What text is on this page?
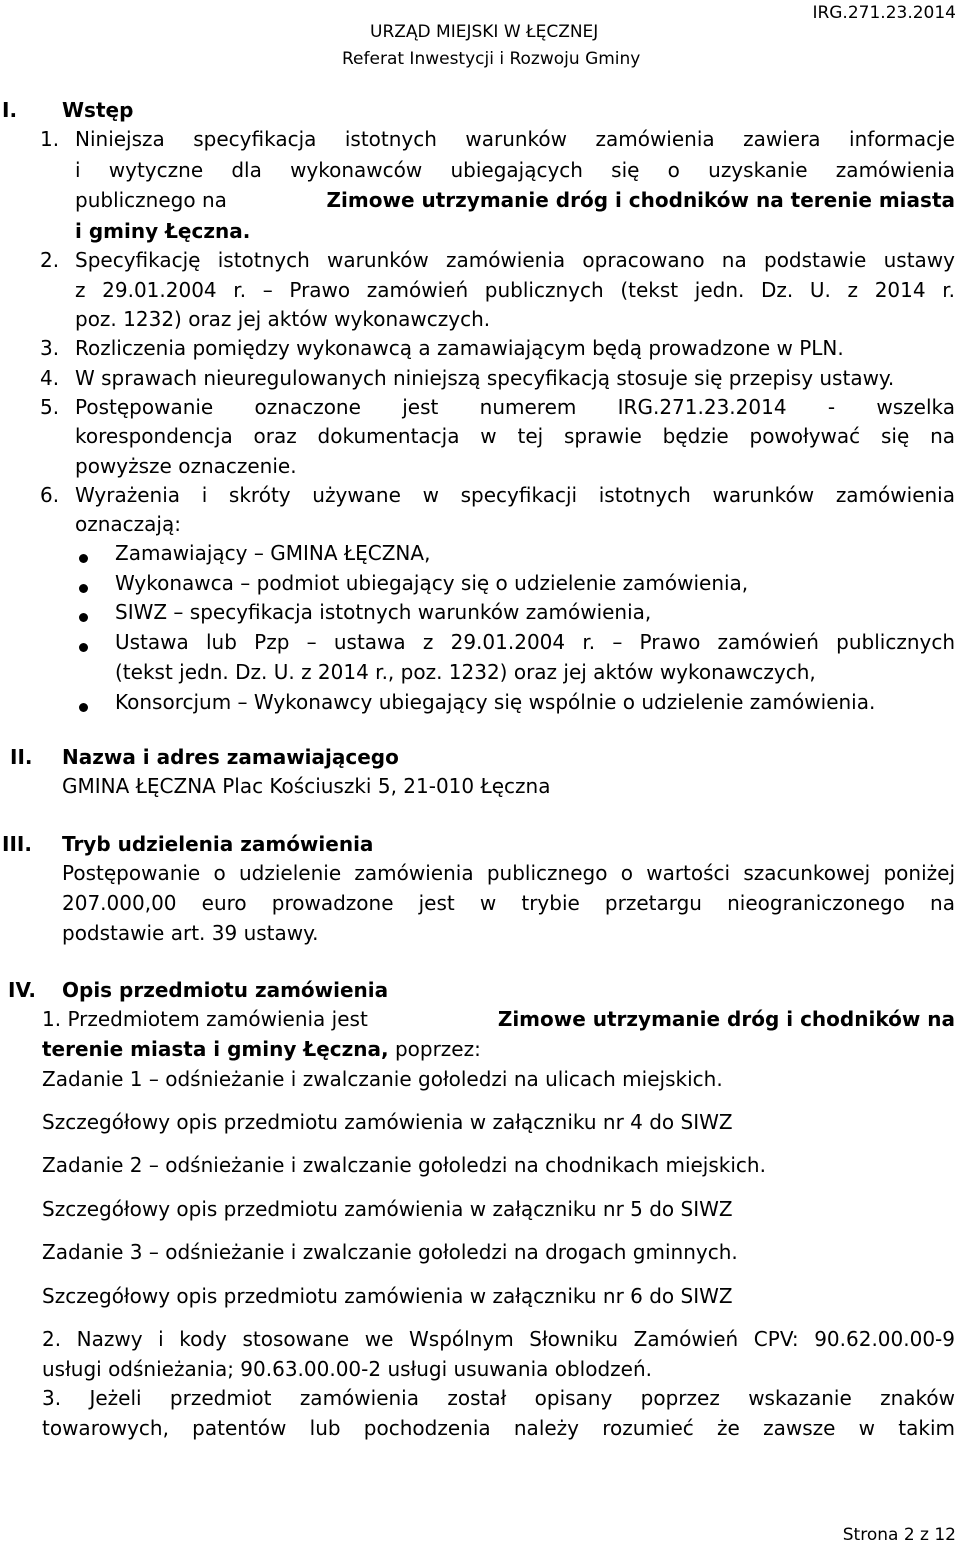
IRG.271.23.2014
URZĄD MIEJSKI W ŁĘCZNEJ
Referat Inwestycji i Rozwoju Gminy
I. Wstęp
1. Niniejsza specyfikacja istotnych warunków zamówienia zawiera informacje
i wytyczne dla wykonawców ubiegających się o uzyskanie zamówienia
publicznego na	Zimowe utrzymanie dróg i chodników na terenie miasta
i gminy Łęczna.
2. Specyfikację istotnych warunków zamówienia opracowano na podstawie ustawy
z 29.01.2004 r. – Prawo zamówień publicznych (tekst jedn. Dz. U. z 2014 r.
poz. 1232) oraz jej aktów wykonawczych.
3. Rozliczenia pomiędzy wykonawcą a zamawiającym będą prowadzone w PLN.
4. W sprawach nieuregulowanych niniejszą specyfikacją stosuje się przepisy ustawy.
5. Postępowanie oznaczone jest numerem IRG.271.23.2014 - wszelka
korespondencja oraz dokumentacja w tej sprawie będzie powoływać się na
powyższe oznaczenie.
6. Wyrażenia i skróty używane w specyfikacji istotnych warunków zamówienia
oznaczają:
Zamawiający – GMINA ŁĘCZNA,
Wykonawca – podmiot ubiegający się o udzielenie zamówienia,
SIWZ – specyfikacja istotnych warunków zamówienia,
Ustawa lub Pzp – ustawa z 29.01.2004 r. – Prawo zamówień publicznych
(tekst jedn. Dz. U. z 2014 r., poz. 1232) oraz jej aktów wykonawczych,
Konsorcjum – Wykonawcy ubiegający się wspólnie o udzielenie zamówienia.
II. Nazwa i adres zamawiającego
GMINA ŁĘCZNA Plac Kościuszki 5, 21-010 Łęczna
III. Tryb udzielenia zamówienia
Postępowanie o udzielenie zamówienia publicznego o wartości szacunkowej poniżej
207.000,00 euro prowadzone jest w trybie przetargu nieograniczonego na
podstawie art. 39 ustawy.
IV. Opis przedmiotu zamówienia
1. Przedmiotem zamówienia jest	Zimowe utrzymanie dróg i chodników na
terenie miasta i gminy Łęczna, poprzez:
Zadanie 1 – odśnieżanie i zwalczanie gołoledzi na ulicach miejskich.
Szczegółowy opis przedmiotu zamówienia w załączniku nr 4 do SIWZ
Zadanie 2 – odśnieżanie i zwalczanie gołoledzi na chodnikach miejskich.
Szczegółowy opis przedmiotu zamówienia w załączniku nr 5 do SIWZ
Zadanie 3 – odśnieżanie i zwalczanie gołoledzi na drogach gminnych.
Szczegółowy opis przedmiotu zamówienia w załączniku nr 6 do SIWZ
2. Nazwy i kody stosowane we Wspólnym Słowniku Zamówień CPV: 90.62.00.00-9
usługi odśnieżania; 90.63.00.00-2 usługi usuwania oblodzeń.
3. Jeżeli przedmiot zamówienia został opisany poprzez wskazanie znaków
towarowych, patentów lub pochodzenia należy rozumieć że zawsze w takim
Strona 2 z 12
